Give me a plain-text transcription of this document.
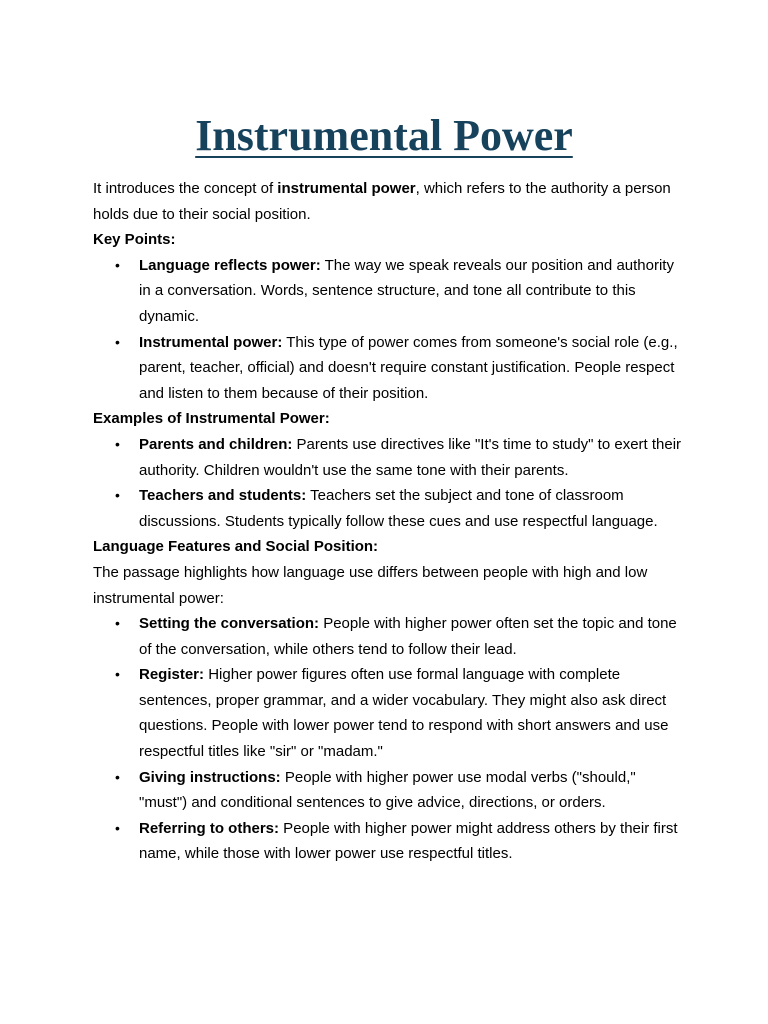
Instrumental Power

It introduces the concept of instrumental power, which refers to the authority a person holds due to their social position.

Key Points:

• Language reflects power: The way we speak reveals our position and authority in a conversation. Words, sentence structure, and tone all contribute to this dynamic.
• Instrumental power: This type of power comes from someone's social role (e.g., parent, teacher, official) and doesn't require constant justification. People respect and listen to them because of their position.

Examples of Instrumental Power:

• Parents and children: Parents use directives like "It's time to study" to exert their authority. Children wouldn't use the same tone with their parents.
• Teachers and students: Teachers set the subject and tone of classroom discussions. Students typically follow these cues and use respectful language.

Language Features and Social Position:

The passage highlights how language use differs between people with high and low instrumental power:

• Setting the conversation: People with higher power often set the topic and tone of the conversation, while others tend to follow their lead.
• Register: Higher power figures often use formal language with complete sentences, proper grammar, and a wider vocabulary. They might also ask direct questions. People with lower power tend to respond with short answers and use respectful titles like "sir" or "madam."
• Giving instructions: People with higher power use modal verbs ("should," "must") and conditional sentences to give advice, directions, or orders.
• Referring to others: People with higher power might address others by their first name, while those with lower power use respectful titles.
